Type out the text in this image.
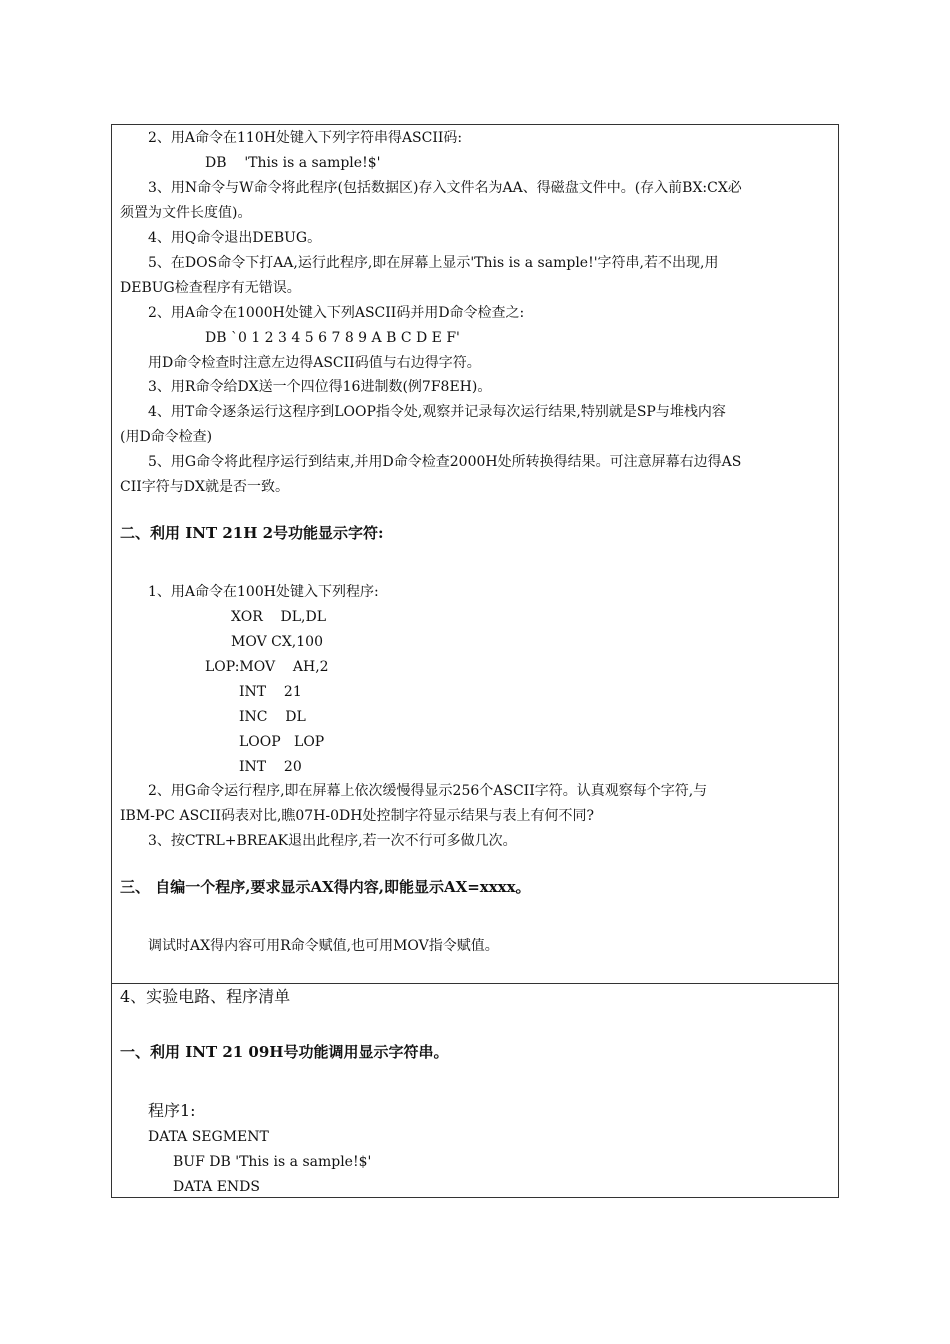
2、用A命令在110H处键入下列字符串得ASCII码:
DB    'This is a sample!$'
3、用N命令与W命令将此程序(包括数据区)存入文件名为AA、得磁盘文件中。(存入前BX:CX必
须置为文件长度值)。
4、用Q命令退出DEBUG。
5、在DOS命令下打AA,运行此程序,即在屏幕上显示'This is a sample!'字符串,若不出现,用
DEBUG检查程序有无错误。
2、用A命令在1000H处键入下列ASCII码并用D命令检查之:
DB `0 1 2 3 4 5 6 7 8 9 A B C D E F'
用D命令检查时注意左边得ASCII码值与右边得字符。
3、用R命令给DX送一个四位得16进制数(例7F8EH)。
4、用T命令逐条运行这程序到LOOP指令处,观察并记录每次运行结果,特别就是SP与堆栈内容
(用D命令检查)
5、用G命令将此程序运行到结束,并用D命令检查2000H处所转换得结果。可注意屏幕右边得AS
CII字符与DX就是否一致。
二、利用 INT 21H 2号功能显示字符:
1、用A命令在100H处键入下列程序:
XOR    DL,DL
MOV CX,100
LOP:MOV    AH,2
INT    21
INC    DL
LOOP   LOP
INT    20
2、用G命令运行程序,即在屏幕上依次缓慢得显示256个ASCII字符。认真观察每个字符,与
IBM-PC ASCII码表对比,瞧07H-0DH处控制字符显示结果与表上有何不同?
3、按CTRL+BREAK退出此程序,若一次不行可多做几次。
三、 自编一个程序,要求显示AX得内容,即能显示AX=xxxx。
调试时AX得内容可用R命令赋值,也可用MOV指令赋值。
4、实验电路、程序清单
一、利用 INT 21 09H号功能调用显示字符串。
程序1:
DATA SEGMENT
BUF DB 'This is a sample!$'
DATA ENDS
